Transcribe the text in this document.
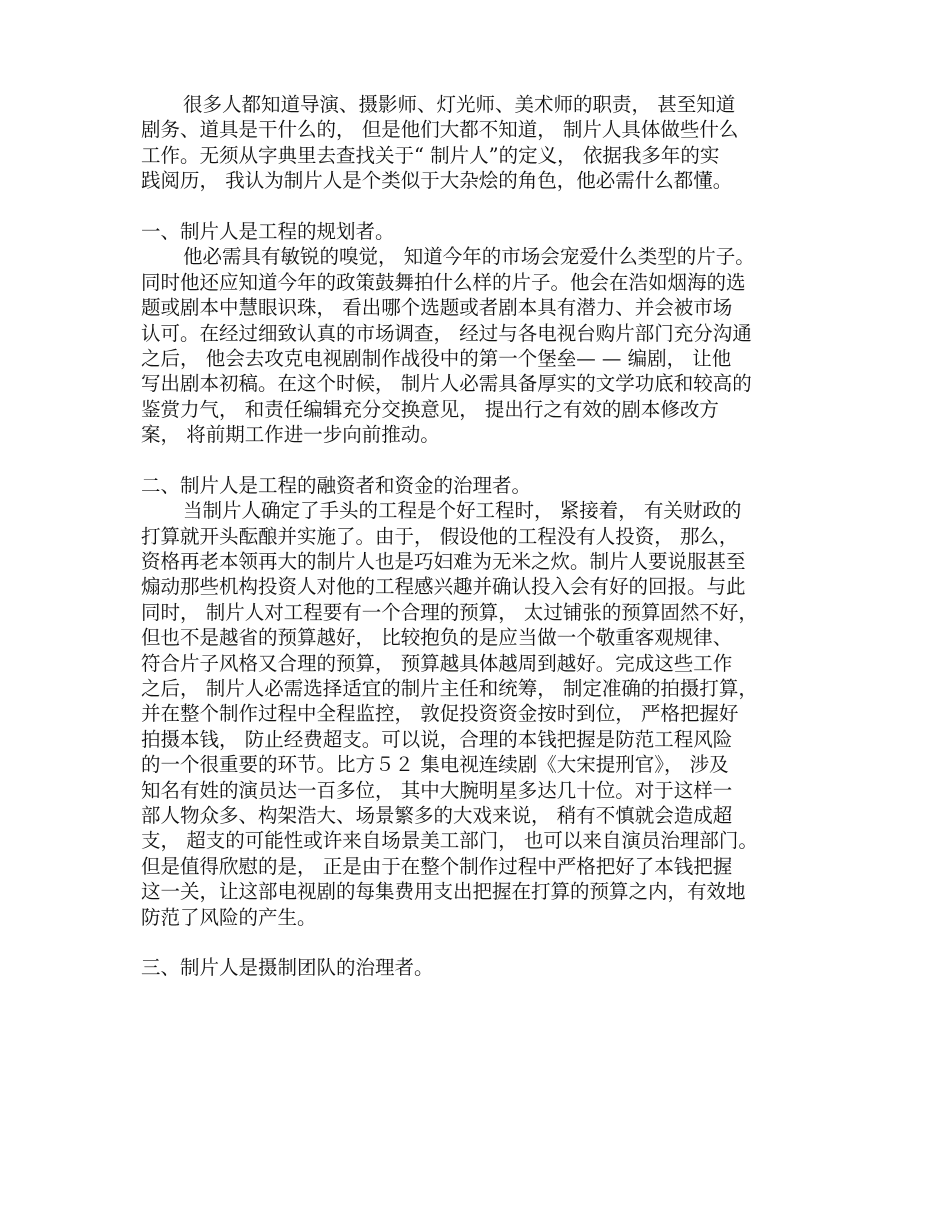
很多人都知道导演、摄影师、灯光师、美术师的职责， 甚至知道
剧务、道具是干什么的， 但是他们大都不知道， 制片人具体做些什么
工作。无须从字典里去查找关于“ 制片人”的定义， 依据我多年的实
践阅历， 我认为制片人是个类似于大杂烩的角色，他必需什么都懂。
一、制片人是工程的规划者。
他必需具有敏锐的嗅觉， 知道今年的市场会宠爱什么类型的片子。
同时他还应知道今年的政策鼓舞拍什么样的片子。他会在浩如烟海的选
题或剧本中慧眼识珠， 看出哪个选题或者剧本具有潜力、并会被市场
认可。在经过细致认真的市场调查， 经过与各电视台购片部门充分沟通
之后， 他会去攻克电视剧制作战役中的第一个堡垒— — 编剧， 让他
写出剧本初稿。在这个时候， 制片人必需具备厚实的文学功底和较高的
鉴赏力气， 和责任编辑充分交换意见， 提出行之有效的剧本修改方
案， 将前期工作进一步向前推动。
二、制片人是工程的融资者和资金的治理者。
当制片人确定了手头的工程是个好工程时， 紧接着， 有关财政的
打算就开头酝酿并实施了。由于， 假设他的工程没有人投资， 那么，
资格再老本领再大的制片人也是巧妇难为无米之炊。制片人要说服甚至
煽动那些机构投资人对他的工程感兴趣并确认投入会有好的回报。与此
同时， 制片人对工程要有一个合理的预算， 太过铺张的预算固然不好，
但也不是越省的预算越好， 比较抱负的是应当做一个敬重客观规律、
符合片子风格又合理的预算， 预算越具体越周到越好。完成这些工作
之后， 制片人必需选择适宜的制片主任和统筹， 制定准确的拍摄打算，
并在整个制作过程中全程监控， 敦促投资资金按时到位， 严格把握好
拍摄本钱， 防止经费超支。可以说，合理的本钱把握是防范工程风险
的一个很重要的环节。比方５２ 集电视连续剧《大宋提刑官》， 涉及
知名有姓的演员达一百多位， 其中大腕明星多达几十位。对于这样一
部人物众多、构架浩大、场景繁多的大戏来说， 稍有不慎就会造成超
支， 超支的可能性或许来自场景美工部门， 也可以来自演员治理部门。
但是值得欣慰的是， 正是由于在整个制作过程中严格把好了本钱把握
这一关，让这部电视剧的每集费用支出把握在打算的预算之内，有效地
防范了风险的产生。
三、制片人是摄制团队的治理者。
